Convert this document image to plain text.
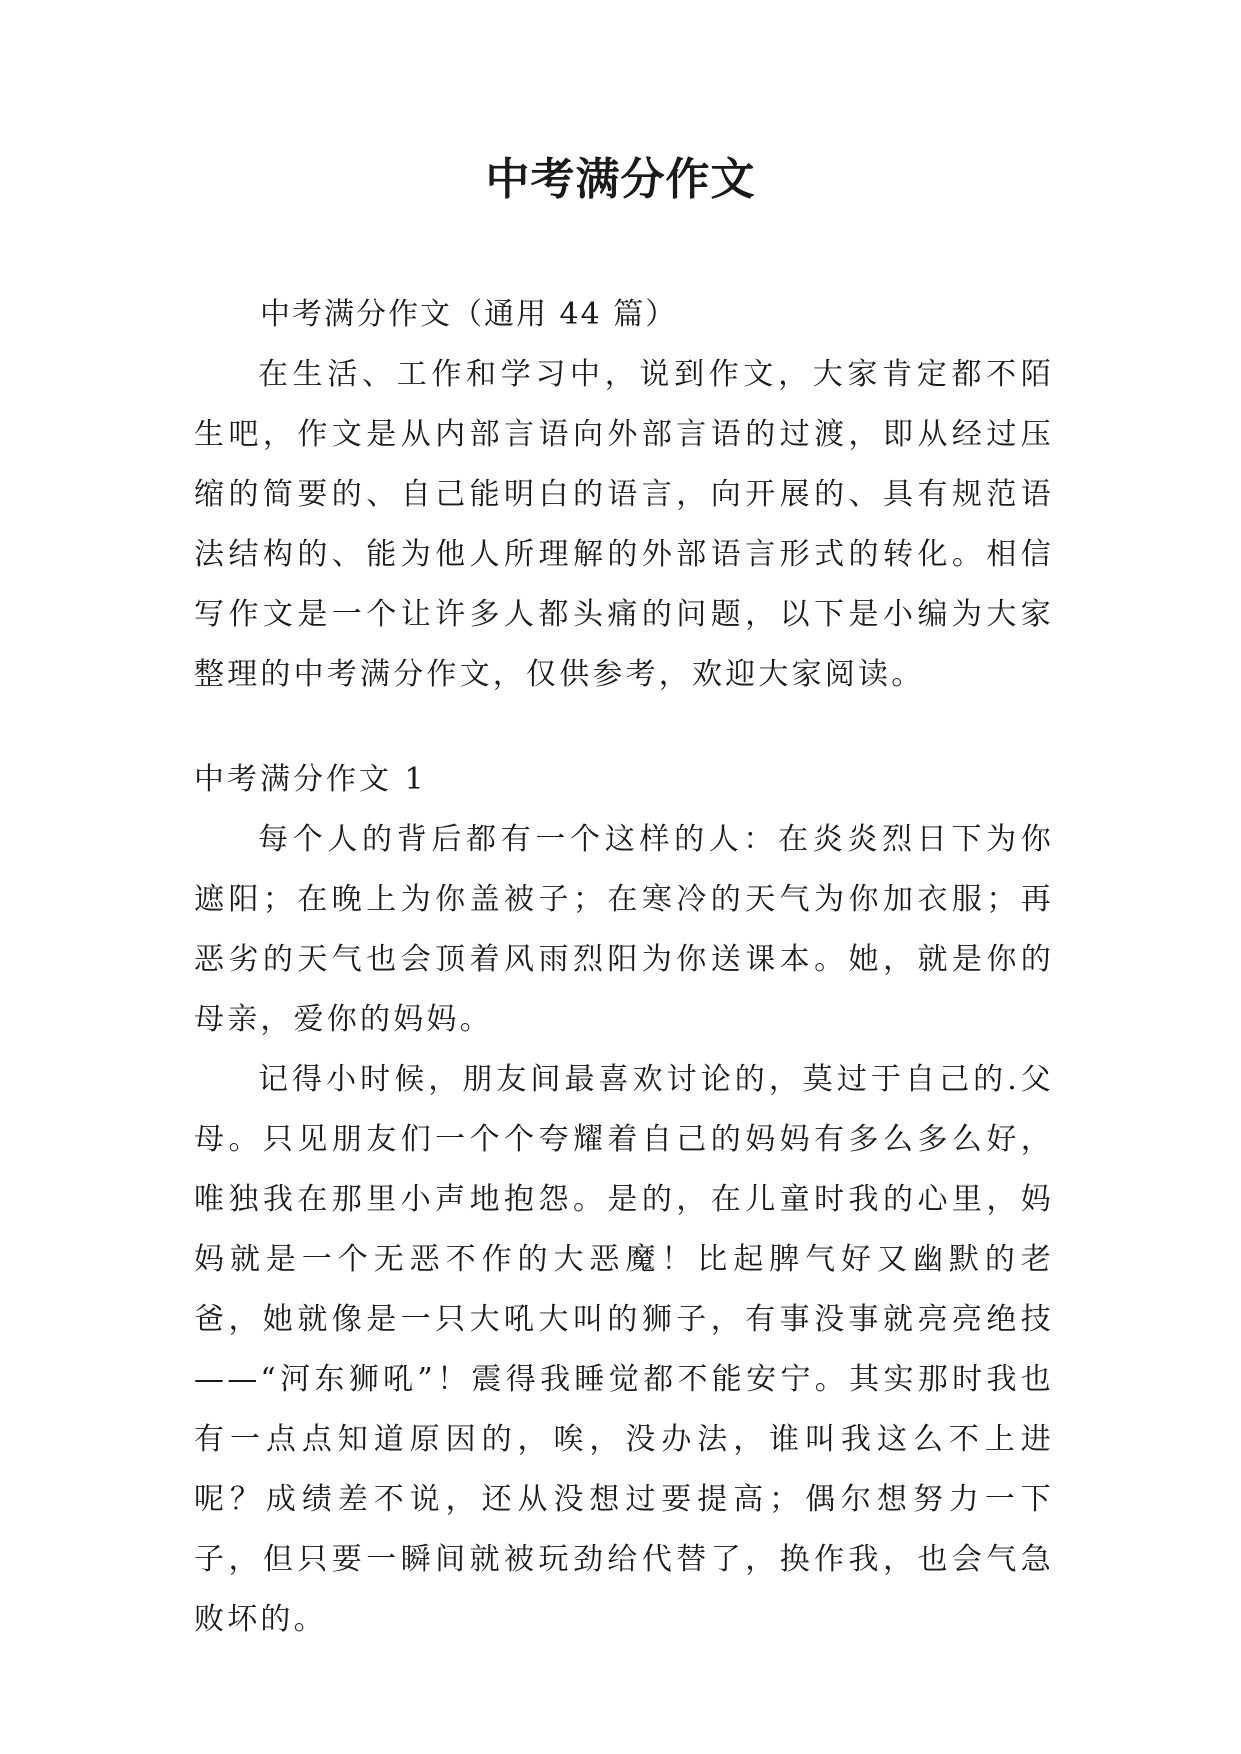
中考满分作文
中考满分作文（通用 44 篇）

在生活、工作和学习中，说到作文，大家肯定都不陌生吧，作文是从内部言语向外部言语的过渡，即从经过压缩的简要的、自己能明白的语言，向开展的、具有规范语法结构的、能为他人所理解的外部语言形式的转化。相信写作文是一个让许多人都头痛的问题，以下是小编为大家整理的中考满分作文，仅供参考，欢迎大家阅读。

中考满分作文 1

每个人的背后都有一个这样的人：在炎炎烈日下为你遮阳；在晚上为你盖被子；在寒冷的天气为你加衣服；再恶劣的天气也会顶着风雨烈阳为你送课本。她，就是你的母亲，爱你的妈妈。

记得小时候，朋友间最喜欢讨论的，莫过于自己的.父母。只见朋友们一个个夸耀着自己的妈妈有多么多么好，唯独我在那里小声地抱怨。是的，在儿童时我的心里，妈妈就是一个无恶不作的大恶魔！比起脾气好又幽默的老爸，她就像是一只大吼大叫的狮子，有事没事就亮亮绝技——“河东狮吼”！震得我睡觉都不能安宁。其实那时我也有一点点知道原因的，唉，没办法，谁叫我这么不上进呢？成绩差不说，还从没想过要提高；偶尔想努力一下子，但只要一瞬间就被玩劲给代替了，换作我，也会气急败坏的。
